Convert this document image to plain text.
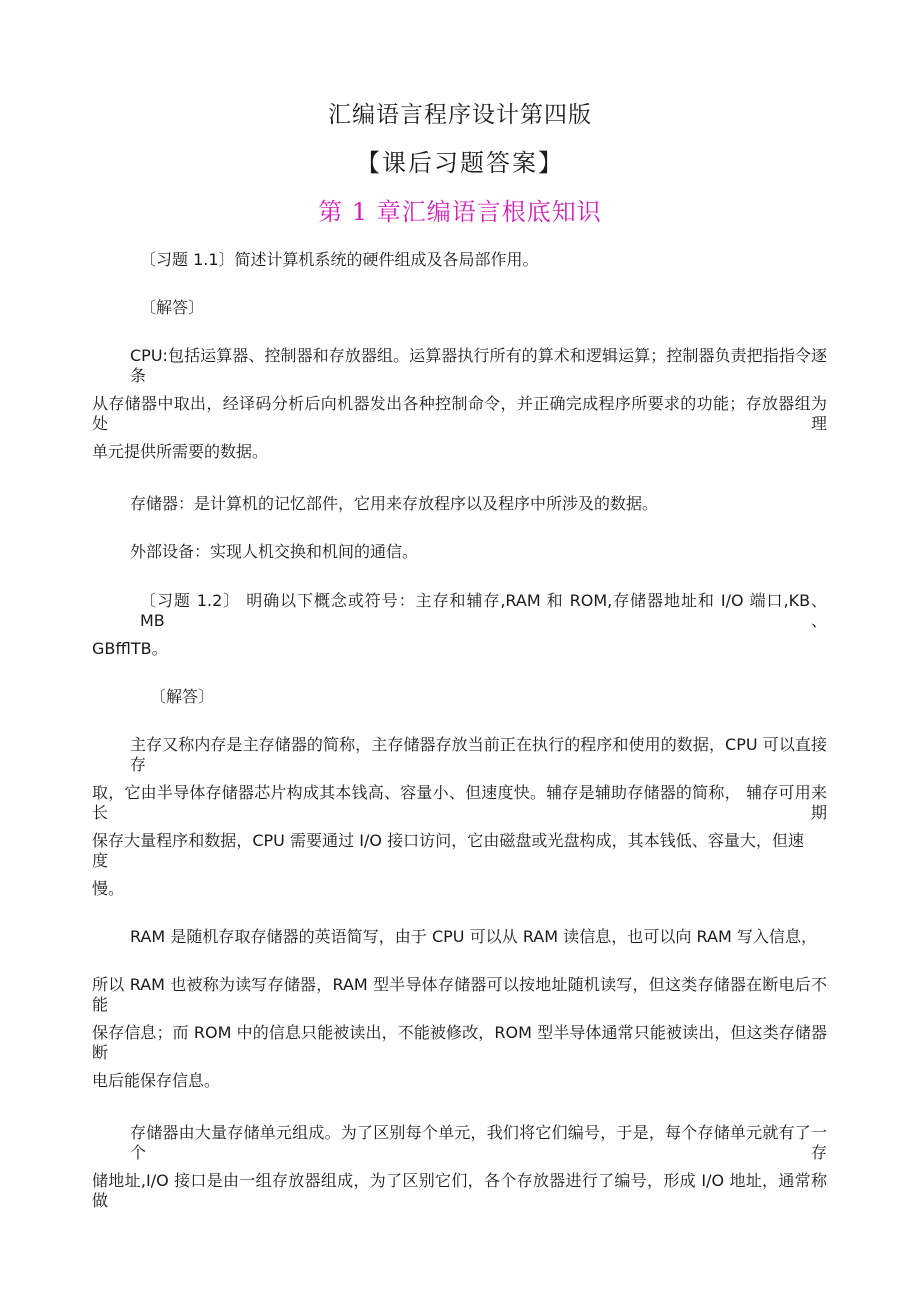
汇编语言程序设计第四版
【课后习题答案】
第 1 章汇编语言根底知识
〔习题 1.1〕简述计算机系统的硬件组成及各局部作用。
〔解答〕
CPU:包括运算器、控制器和存放器组。运算器执行所有的算术和逻辑运算；控制器负责把指指令逐条
从存储器中取出，经译码分析后向机器发出各种控制命令，并正确完成程序所要求的功能；存放器组为处理
单元提供所需要的数据。
存储器：是计算机的记忆部件，它用来存放程序以及程序中所涉及的数据。
外部设备：实现人机交换和机间的通信。
〔习题 1.2〕 明确以下概念或符号：主存和辅存,RAM 和 ROM,存储器地址和 I/O 端口,KB、MB、
GBfflTB。
〔解答〕
主存又称内存是主存储器的简称，主存储器存放当前正在执行的程序和使用的数据，CPU 可以直接存
取，它由半导体存储器芯片构成其本钱高、容量小、但速度快。辅存是辅助存储器的简称， 辅存可用来长期
保存大量程序和数据，CPU 需要通过 I/O 接口访问，它由磁盘或光盘构成，其本钱低、容量大，但速度
慢。
RAM 是随机存取存储器的英语简写，由于 CPU 可以从 RAM 读信息，也可以向 RAM 写入信息，
所以 RAM 也被称为读写存储器，RAM 型半导体存储器可以按地址随机读写，但这类存储器在断电后不能
保存信息；而 ROM 中的信息只能被读出，不能被修改，ROM 型半导体通常只能被读出，但这类存储器断
电后能保存信息。
存储器由大量存储单元组成。为了区别每个单元，我们将它们编号，于是，每个存储单元就有了一个存
储地址,I/O 接口是由一组存放器组成，为了区别它们，各个存放器进行了编号，形成 I/O 地址，通常称做
